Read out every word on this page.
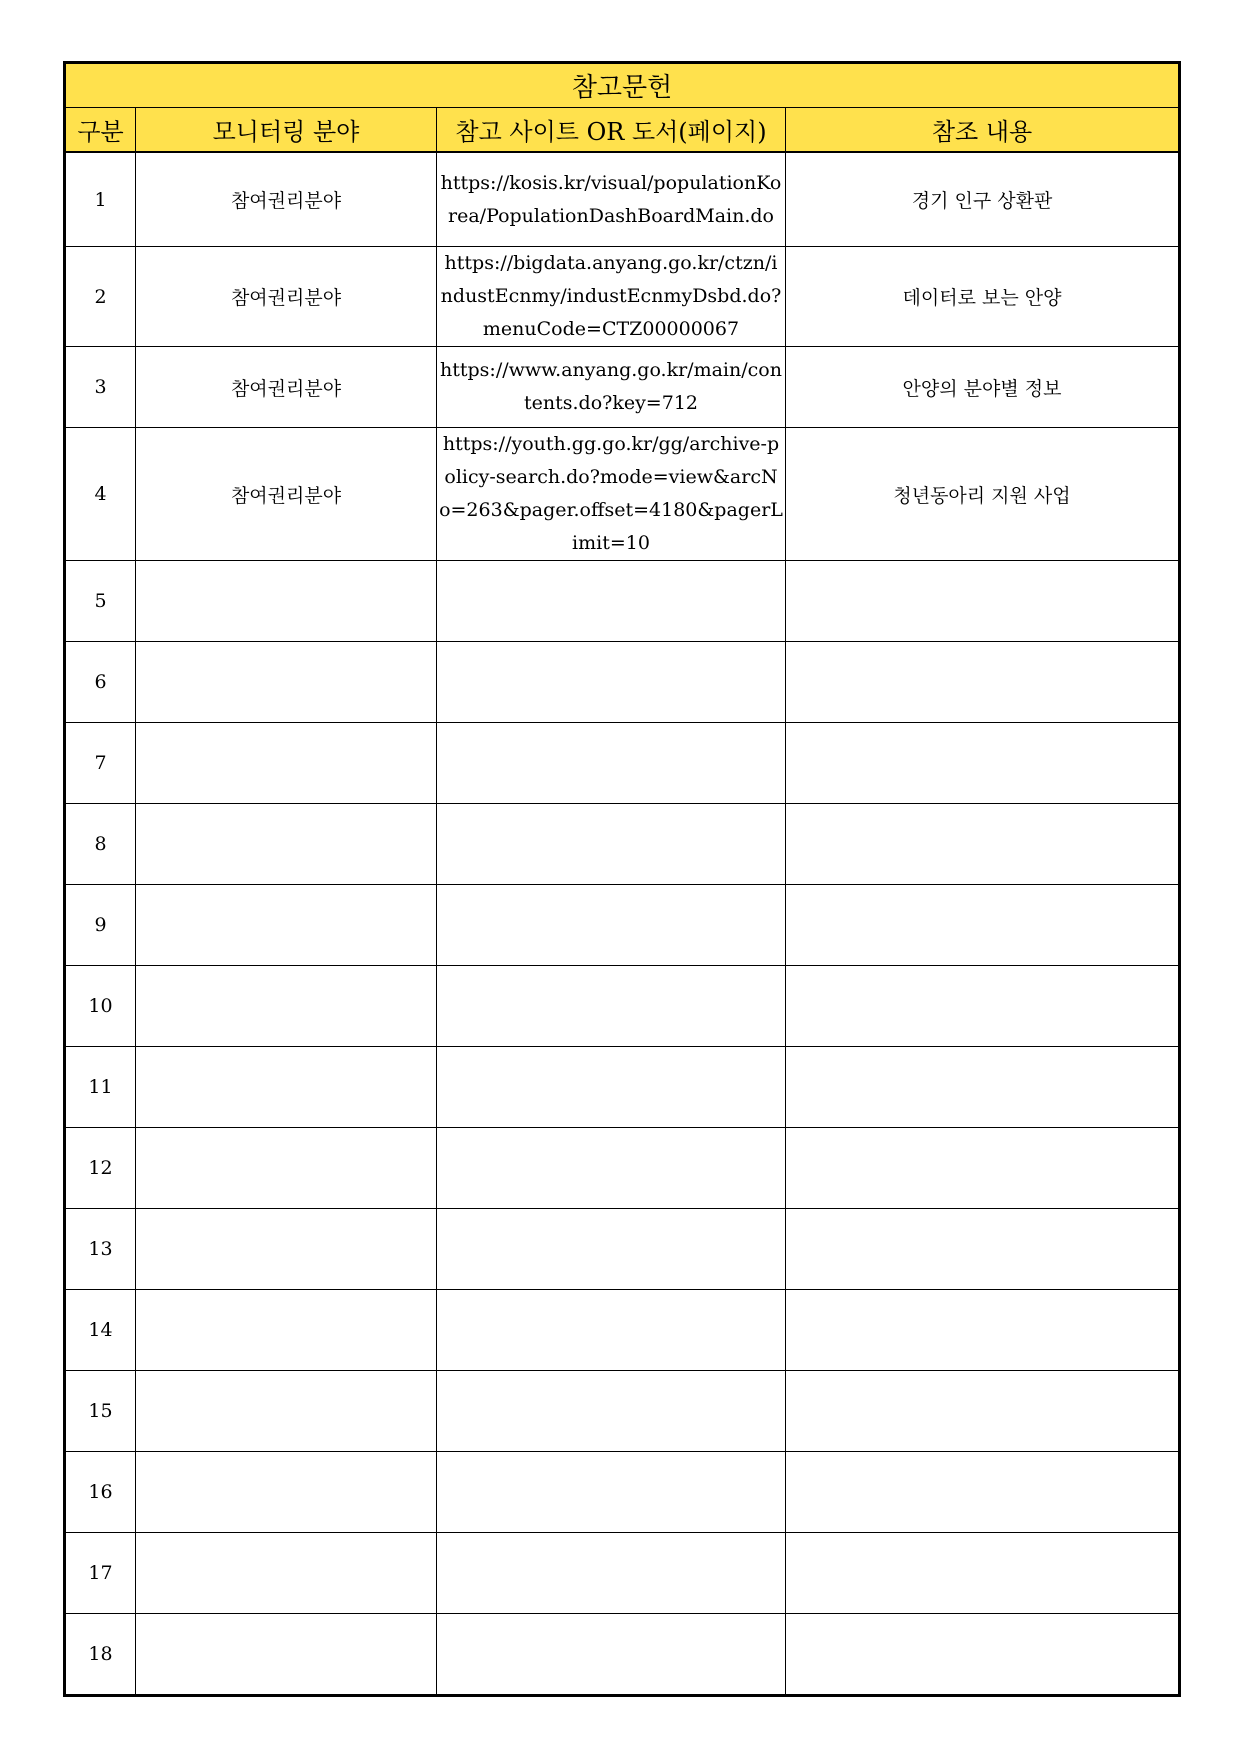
참고문헌			
구분	모니터링 분야	참고 사이트 OR 도서(페이지)	참조 내용
1	참여권리분야	https://kosis.kr/visual/populationKorea/PopulationDashBoardMain.do	경기 인구 상환판
2	참여권리분야	https://bigdata.anyang.go.kr/ctzn/industEcnmy/industEcnmyDsbd.do?menuCode=CTZ00000067	데이터로 보는 안양
3	참여권리분야	https://www.anyang.go.kr/main/contents.do?key=712	안양의 분야별 정보
4	참여권리분야	https://youth.gg.go.kr/gg/archive-policy-search.do?mode=view&arcNo=263&pager.offset=4180&pagerLimit=10	청년동아리 지원 사업
5			
6			
7			
8			
9			
10			
11			
12			
13			
14			
15			
16			
17			
18			
